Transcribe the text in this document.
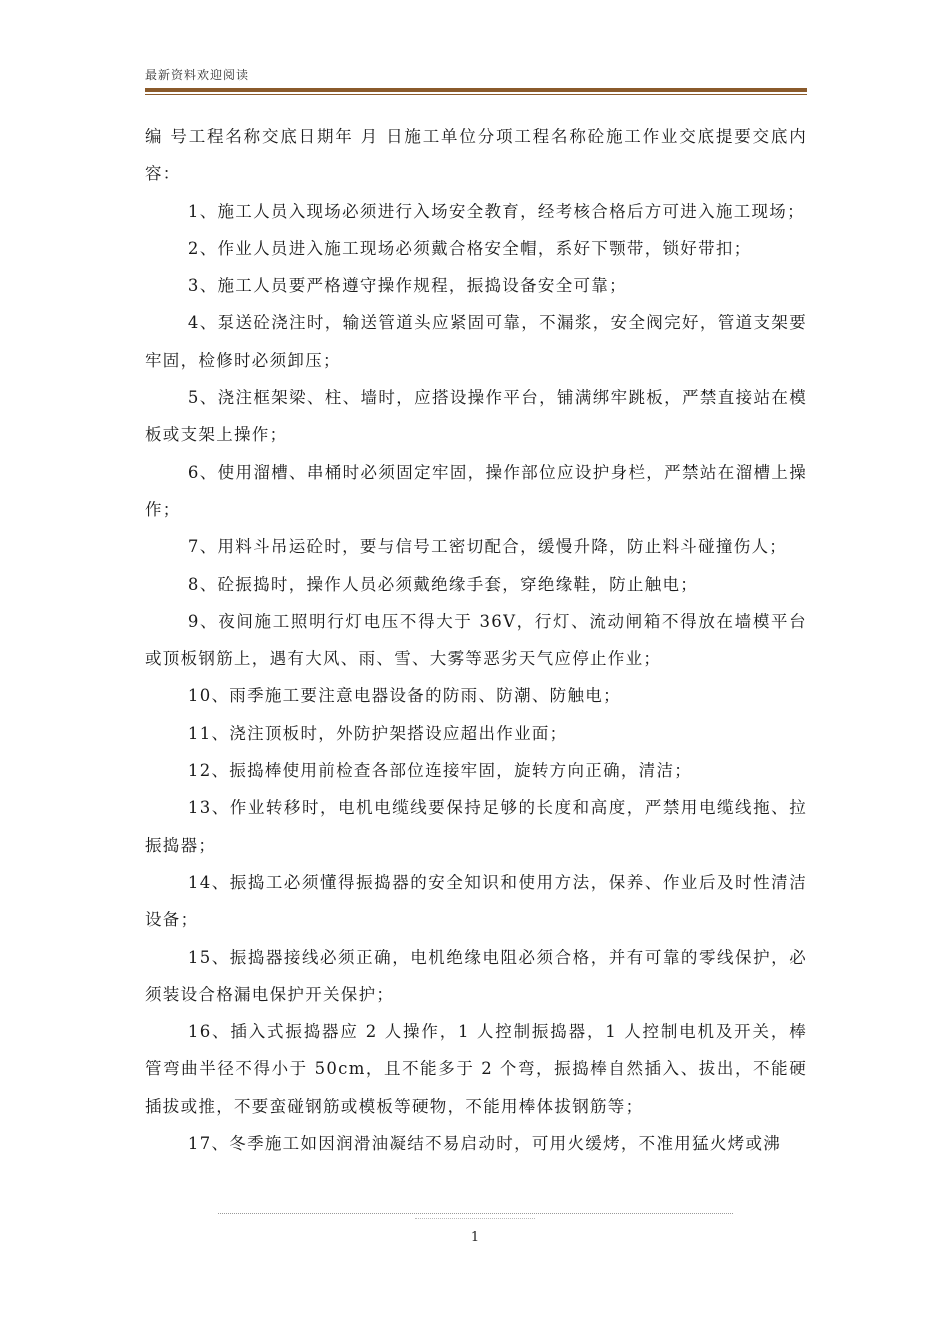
最新资料欢迎阅读

编 号工程名称交底日期年 月 日施工单位分项工程名称砼施工作业交底提要交底内容：

1、施工人员入现场必须进行入场安全教育，经考核合格后方可进入施工现场；

2、作业人员进入施工现场必须戴合格安全帽，系好下颚带，锁好带扣；

3、施工人员要严格遵守操作规程，振捣设备安全可靠；

4、泵送砼浇注时，输送管道头应紧固可靠，不漏浆，安全阀完好，管道支架要牢固，检修时必须卸压；

5、浇注框架梁、柱、墙时，应搭设操作平台，铺满绑牢跳板，严禁直接站在模板或支架上操作；

6、使用溜槽、串桶时必须固定牢固，操作部位应设护身栏，严禁站在溜槽上操作；

7、用料斗吊运砼时，要与信号工密切配合，缓慢升降，防止料斗碰撞伤人；

8、砼振捣时，操作人员必须戴绝缘手套，穿绝缘鞋，防止触电；

9、夜间施工照明行灯电压不得大于 36V，行灯、流动闸箱不得放在墙模平台或顶板钢筋上，遇有大风、雨、雪、大雾等恶劣天气应停止作业；

10、雨季施工要注意电器设备的防雨、防潮、防触电；

11、浇注顶板时，外防护架搭设应超出作业面；

12、振捣棒使用前检查各部位连接牢固，旋转方向正确，清洁；

13、作业转移时，电机电缆线要保持足够的长度和高度，严禁用电缆线拖、拉振捣器；

14、振捣工必须懂得振捣器的安全知识和使用方法，保养、作业后及时性清洁设备；

15、振捣器接线必须正确，电机绝缘电阻必须合格，并有可靠的零线保护，必须装设合格漏电保护开关保护；

16、插入式振捣器应 2 人操作，1 人控制振捣器，1 人控制电机及开关，棒管弯曲半径不得小于 50cm，且不能多于 2 个弯，振捣棒自然插入、拔出，不能硬插拔或推，不要蛮碰钢筋或模板等硬物，不能用棒体拔钢筋等；

17、冬季施工如因润滑油凝结不易启动时，可用火缓烤，不准用猛火烤或沸

1
